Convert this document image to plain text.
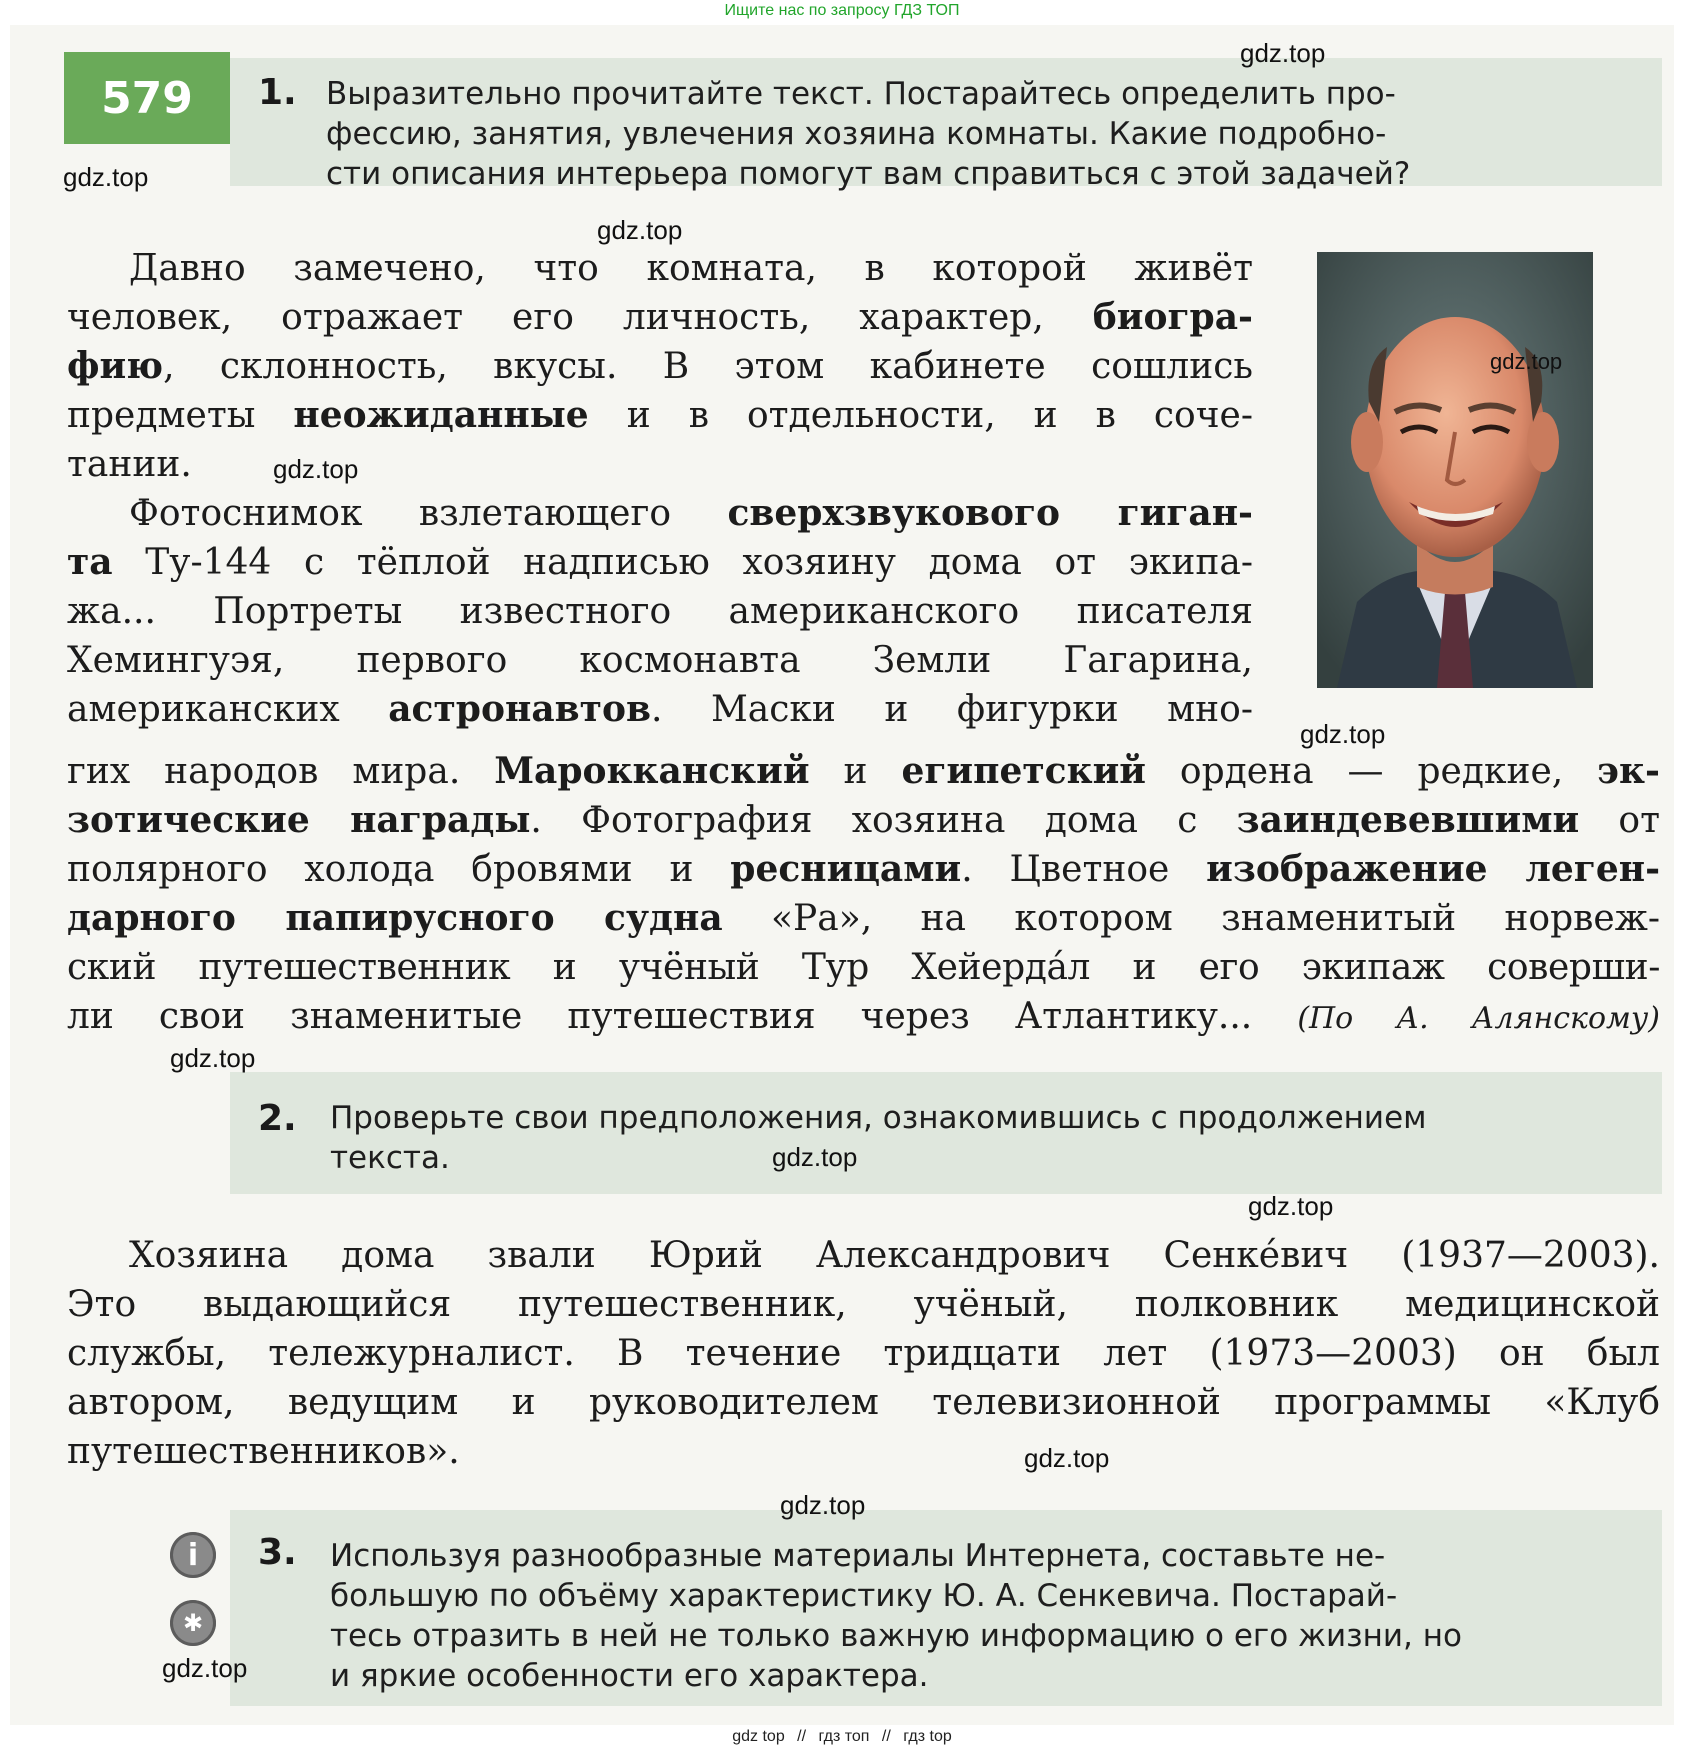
Ищите нас по запросу ГДЗ ТОП
579	1. Выразительно прочитайте текст. Постарайтесь определить про-
фессию, занятия, увлечения хозяина комнаты. Какие подробно-
сти описания интерьера помогут вам справиться с этой задачей?
Давно замечено, что комната, в которой живёт
человек, отражает его личность, характер, биогра-
фию, склонность, вкусы. В этом кабинете сошлись
предметы неожиданные и в отдельности, и в соче-
тании.
Фотоснимок взлетающего сверхзвукового гиган-
та Ту-144 с тёплой надписью хозяину дома от экипа-
жа... Портреты известного американского писателя
Хемингуэя, первого космонавта Земли Гагарина,
американских астронавтов. Маски и фигурки мно-
гих народов мира. Марокканский и египетский ордена — редкие, эк-
зотические награды. Фотография хозяина дома с заиндевевшими от
полярного холода бровями и ресницами. Цветное изображение леген-
дарного папирусного судна «Ра», на котором знаменитый норвеж-
ский путешественник и учёный Тур Хейерда́л и его экипаж соверши-
ли свои знаменитые путешествия через Атлантику... (По А. Алянскому)
2. Проверьте свои предположения, ознакомившись с продолжением
текста.
Хозяина дома звали Юрий Александрович Сенке́вич (1937—2003).
Это выдающийся путешественник, учёный, полковник медицинской
службы, тележурналист. В течение тридцати лет (1973—2003) он был
автором, ведущим и руководителем телевизионной программы «Клуб
путешественников».
i
✱
3. Используя разнообразные материалы Интернета, составьте не-
большую по объёму характеристику Ю. А. Сенкевича. Постарай-
тесь отразить в ней не только важную информацию о его жизни, но
и яркие особенности его характера.
gdz.top
gdz.top
gdz.top
gdz.top
gdz.top
gdz.top
gdz.top
gdz.top
gdz.top
gdz.top
gdz.top
gdz.top
gdz top // гдз топ // гдз top
